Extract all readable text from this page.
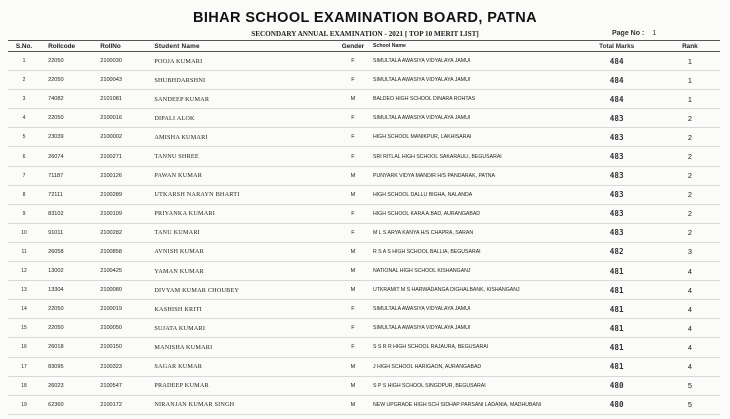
BIHAR SCHOOL EXAMINATION BOARD, PATNA
SECONDARY ANNUAL EXAMINATION - 2021 [ TOP 10 MERIT LIST]	Page No : 1
S.No.	Rollcode	RollNo	Student Name	Gender	School Name	Total Marks	Rank
1	22050	2100030	POOJA KUMARI	F	SIMULTALA AWASIYA VIDYALAYA JAMUI	484	1
2	22050	2100043	SHUBHDARSHNI	F	SIMULTALA AWASIYA VIDYALAYA JAMUI	484	1
3	74082	2101081	SANDEEP KUMAR	M	BALDEO HIGH SCHOOL DINARA ROHTAS	484	1
4	22050	2100016	DIPALI ALOK	F	SIMULTALA AWASIYA VIDYALAYA JAMUI	483	2
5	23039	2100002	AMISHA KUMARI	F	HIGH SCHOOL MANIKPUR, LAKHISARAI	483	2
6	26074	2100271	TANNU SHREE	F	SRI RITLAL HIGH SCHOOL SAKARAULI, BEGUSARAI	483	2
7	71187	2100126	PAWAN KUMAR	M	PUNYARK VIDYA MANDIR H/S PANDARAK, PATNA	483	2
8	72111	2100289	UTKARSH NARAYN BHARTI	M	HIGH SCHOOL DALLU BIGHA, NALANDA	483	2
9	83102	2100109	PRIYANKA KUMARI	F	HIGH SCHOOL KARA A.BAD, AURANGABAD	483	2
10	91011	2100282	TANU KUMARI	F	M L S ARYA KANYA H/S CHAPRA, SARAN	483	2
11	26058	2100858	AVNISH KUMAR	M	R S A S HIGH SCHOOL BALLIA, BEGUSARAI	482	3
12	13002	2100425	YAMAN KUMAR	M	NATIONAL HIGH SCHOOL KISHANGANJ	481	4
13	13304	2100080	DIVYAM KUMAR CHOUBEY	M	UTKRAMIT M S HARWADANGA DIGHALBANK, KISHANGANJ	481	4
14	22050	2100019	KASHISH KRITI	F	SIMULTALA AWASIYA VIDYALAYA JAMUI	481	4
15	22050	2100050	SUJATA KUMARI	F	SIMULTALA AWASIYA VIDYALAYA JAMUI	481	4
16	26018	2100150	MANISHA KUMARI	F	S S R R HIGH SCHOOL RAJAURA, BEGUSARAI	481	4
17	83095	2100323	SAGAR KUMAR	M	J HIGH SCHOOL HARIGAON, AURANGABAD	481	4
18	26023	2100547	PRADEEP KUMAR	M	S P S HIGH SCHOOL SINGDPUR, BEGUSARAI	480	5
19	62360	2100172	NIRANJAN KUMAR SINGH	M	NEW UPGRADE HIGH SCH SIDHAP PARSANI LADANIA, MADHUBANI	480	5
